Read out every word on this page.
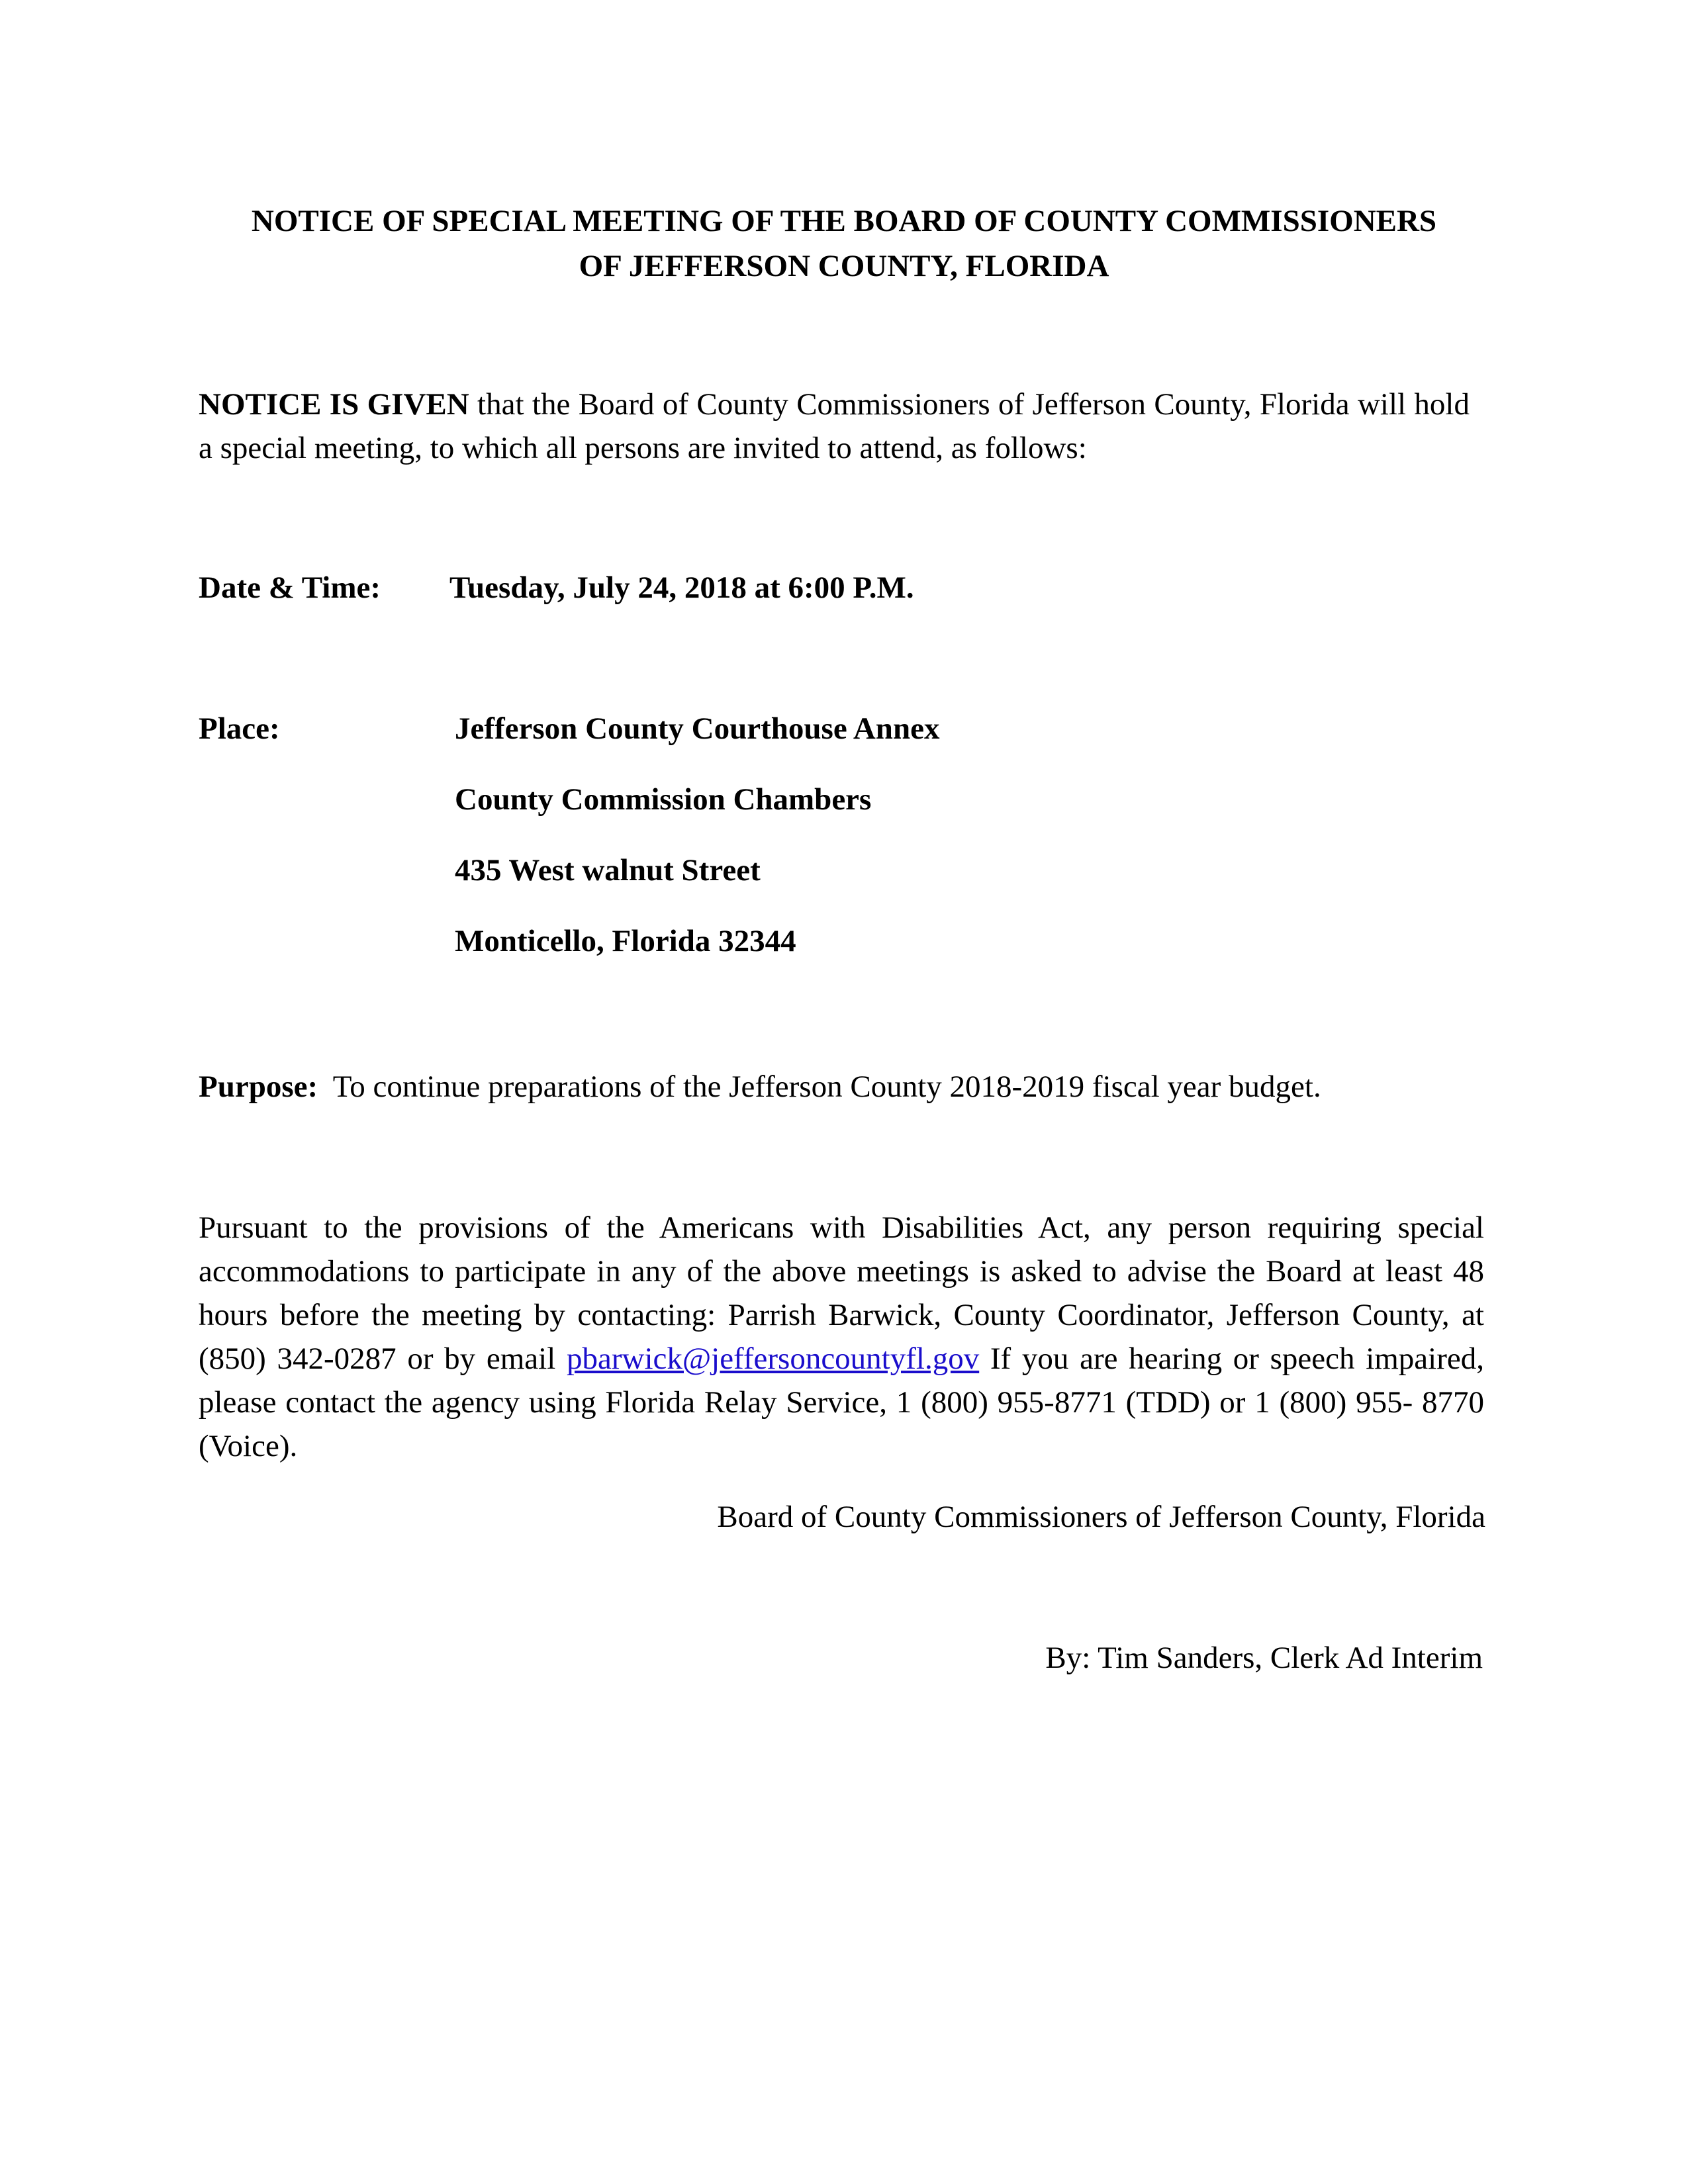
NOTICE OF SPECIAL MEETING OF THE BOARD OF COUNTY COMMISSIONERS
OF JEFFERSON COUNTY, FLORIDA
NOTICE IS GIVEN that the Board of County Commissioners of Jefferson County, Florida will hold a special meeting, to which all persons are invited to attend, as follows:
Date & Time: Tuesday, July 24, 2018 at 6:00 P.M.
Place:	Jefferson County Courthouse Annex
County Commission Chambers
435 West walnut Street
Monticello, Florida 32344
Purpose:  To continue preparations of the Jefferson County 2018-2019 fiscal year budget.
Pursuant to the provisions of the Americans with Disabilities Act, any person requiring special accommodations to participate in any of the above meetings is asked to advise the Board at least 48 hours before the meeting by contacting: Parrish Barwick, County Coordinator, Jefferson County, at (850) 342-0287 or by email pbarwick@jeffersoncountyfl.gov If you are hearing or speech impaired, please contact the agency using Florida Relay Service, 1 (800) 955-8771 (TDD) or 1 (800) 955- 8770 (Voice).
Board of County Commissioners of Jefferson County, Florida
By: Tim Sanders, Clerk Ad Interim
